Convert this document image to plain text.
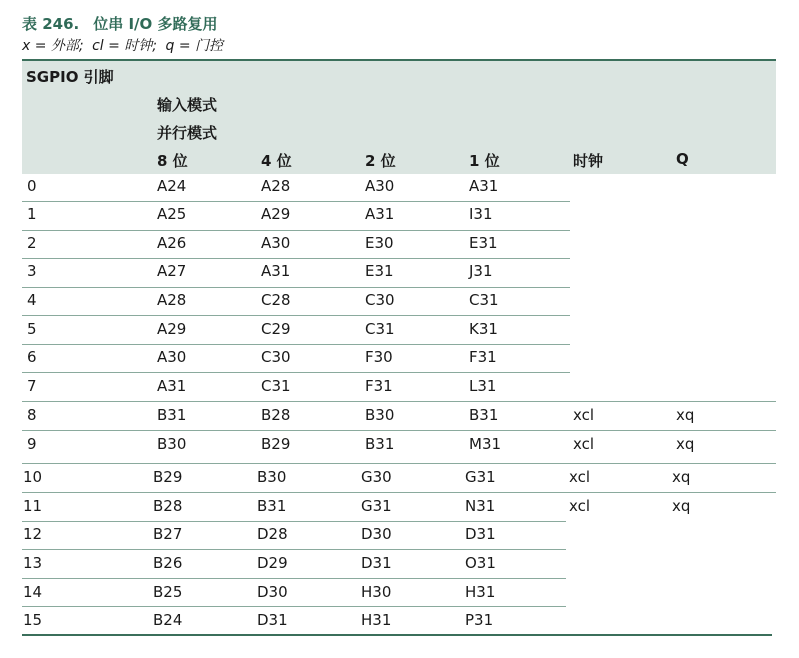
表 246. 位串 I/O 多路复用
x = 外部; cl = 时钟; q = 门控
SGPIO 引脚
输入模式
并行模式
8 位	4 位	2 位	1 位	时钟	Q
0	A24	A28	A30	A31
1	A25	A29	A31	I31
2	A26	A30	E30	E31
3	A27	A31	E31	J31
4	A28	C28	C30	C31
5	A29	C29	C31	K31
6	A30	C30	F30	F31
7	A31	C31	F31	L31
8	B31	B28	B30	B31	xcl	xq
9	B30	B29	B31	M31	xcl	xq
10	B29	B30	G30	G31	xcl	xq
11	B28	B31	G31	N31	xcl	xq
12	B27	D28	D30	D31
13	B26	D29	D31	O31
14	B25	D30	H30	H31
15	B24	D31	H31	P31
